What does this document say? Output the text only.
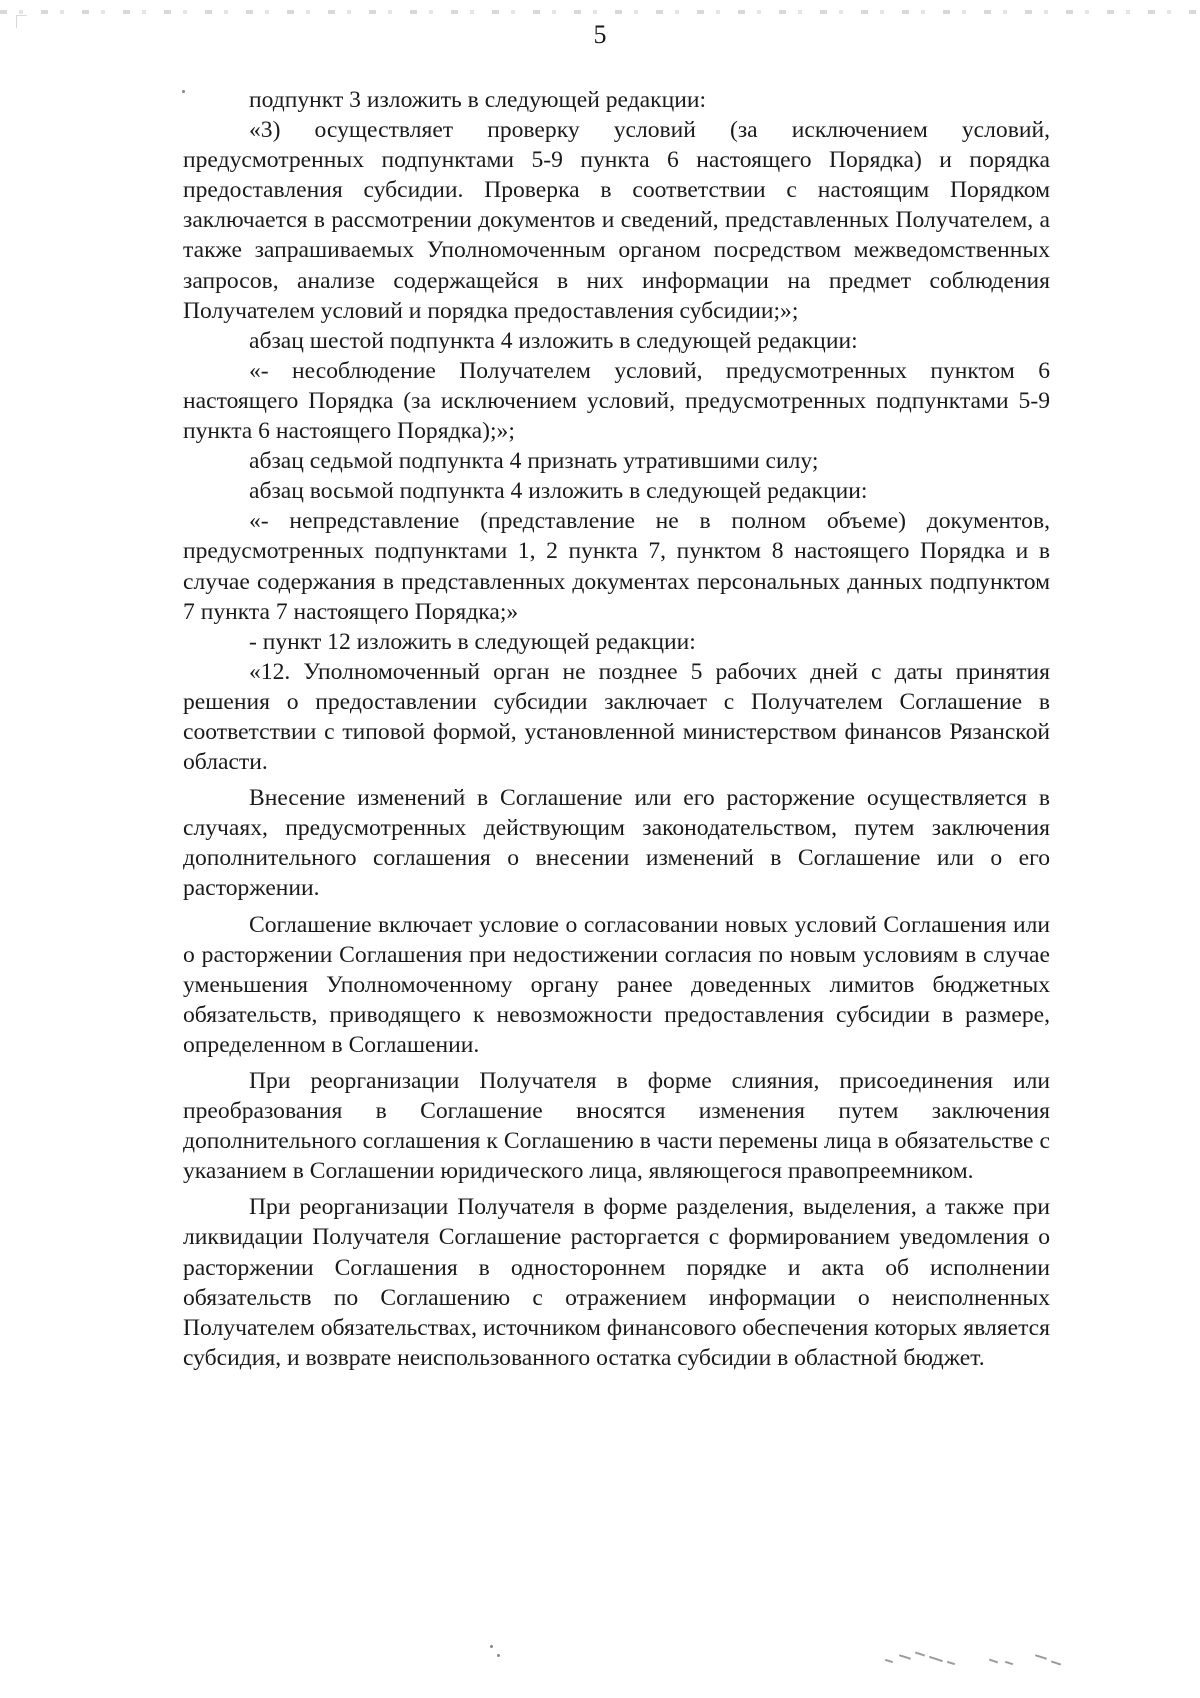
5

подпункт 3 изложить в следующей редакции:

«3) осуществляет проверку условий (за исключением условий, предусмотренных подпунктами 5-9 пункта 6 настоящего Порядка) и порядка предоставления субсидии. Проверка в соответствии с настоящим Порядком заключается в рассмотрении документов и сведений, представленных Получателем, а также запрашиваемых Уполномоченным органом посредством межведомственных запросов, анализе содержащейся в них информации на предмет соблюдения Получателем условий и порядка предоставления субсидии;»;

абзац шестой подпункта 4 изложить в следующей редакции:

«- несоблюдение Получателем условий, предусмотренных пунктом 6 настоящего Порядка (за исключением условий, предусмотренных подпунктами 5-9 пункта 6 настоящего Порядка);»;

абзац седьмой подпункта 4 признать утратившими силу;

абзац восьмой подпункта 4 изложить в следующей редакции:

«- непредставление (представление не в полном объеме) документов, предусмотренных подпунктами 1, 2 пункта 7, пунктом 8 настоящего Порядка и в случае содержания в представленных документах персональных данных подпунктом 7 пункта 7 настоящего Порядка;»

- пункт 12 изложить в следующей редакции:

«12. Уполномоченный орган не позднее 5 рабочих дней с даты принятия решения о предоставлении субсидии заключает с Получателем Соглашение в соответствии с типовой формой, установленной министерством финансов Рязанской области.

Внесение изменений в Соглашение или его расторжение осуществляется в случаях, предусмотренных действующим законодательством, путем заключения дополнительного соглашения о внесении изменений в Соглашение или о его расторжении.

Соглашение включает условие о согласовании новых условий Соглашения или о расторжении Соглашения при недостижении согласия по новым условиям в случае уменьшения Уполномоченному органу ранее доведенных лимитов бюджетных обязательств, приводящего к невозможности предоставления субсидии в размере, определенном в Соглашении.

При реорганизации Получателя в форме слияния, присоединения или преобразования в Соглашение вносятся изменения путем заключения дополнительного соглашения к Соглашению в части перемены лица в обязательстве с указанием в Соглашении юридического лица, являющегося правопреемником.

При реорганизации Получателя в форме разделения, выделения, а также при ликвидации Получателя Соглашение расторгается с формированием уведомления о расторжении Соглашения в одностороннем порядке и акта об исполнении обязательств по Соглашению с отражением информации о неисполненных Получателем обязательствах, источником финансового обеспечения которых является субсидия, и возврате неиспользованного остатка субсидии в областной бюджет.
